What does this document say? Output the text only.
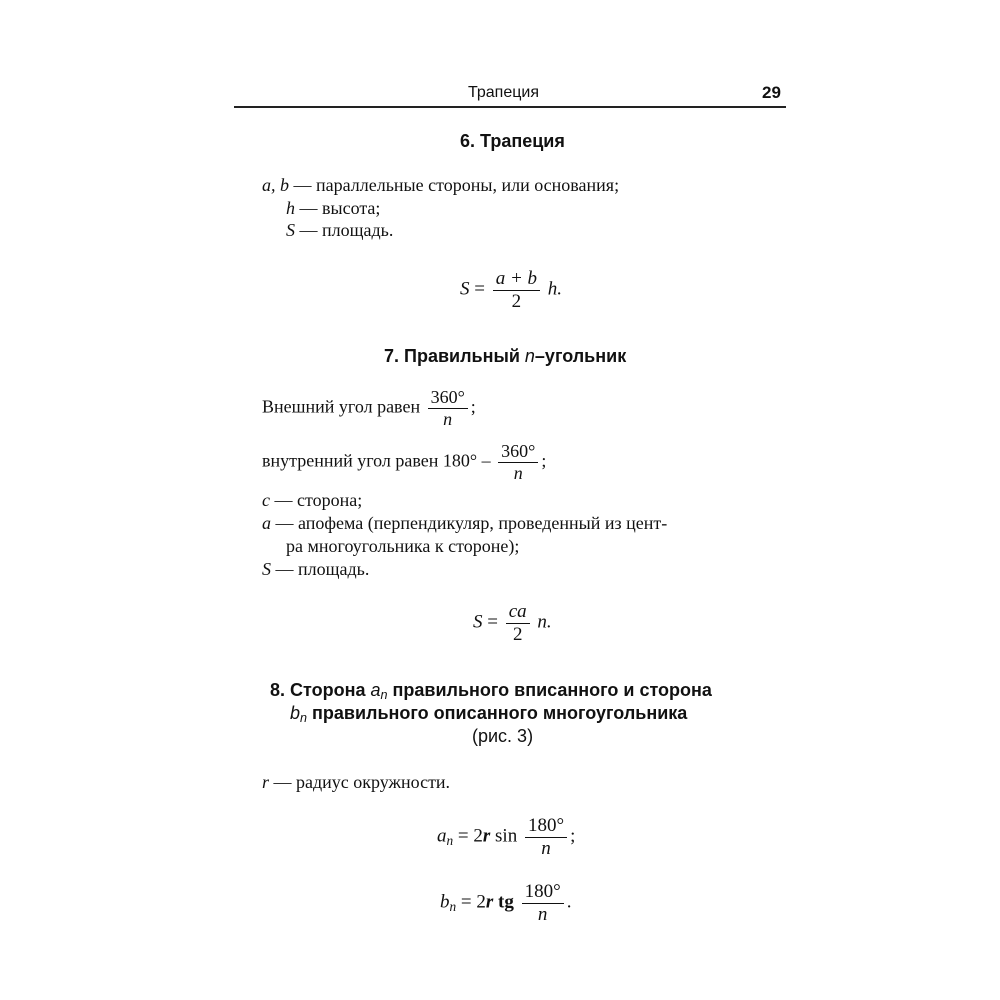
Трапеция	29
6. Трапеция
a, b — параллельные стороны, или основания;
h — высота;
S — площадь.
$S = \frac{a + b}{2} h$.
7. Правильный n–угольник
Внешний угол равен $\frac{360^\circ}{n}$ ;
внутренний угол равен $180^\circ - \frac{360^\circ}{n}$ ;
c — сторона;
a — апофема (перпендикуляр, проведенный из цент-
ра многоугольника к стороне);
S — площадь.
$S = \frac{ca}{2} n$.
8. Сторона $a_n$ правильного вписанного и сторона
$b_n$ правильного описанного многоугольника
(рис. 3)
r — радиус окружности.
$a_n = 2r$ $\sin \frac{180^\circ}{n}$ ;
$b_n = 2r$ tg $\frac{180^\circ}{n}$ .
